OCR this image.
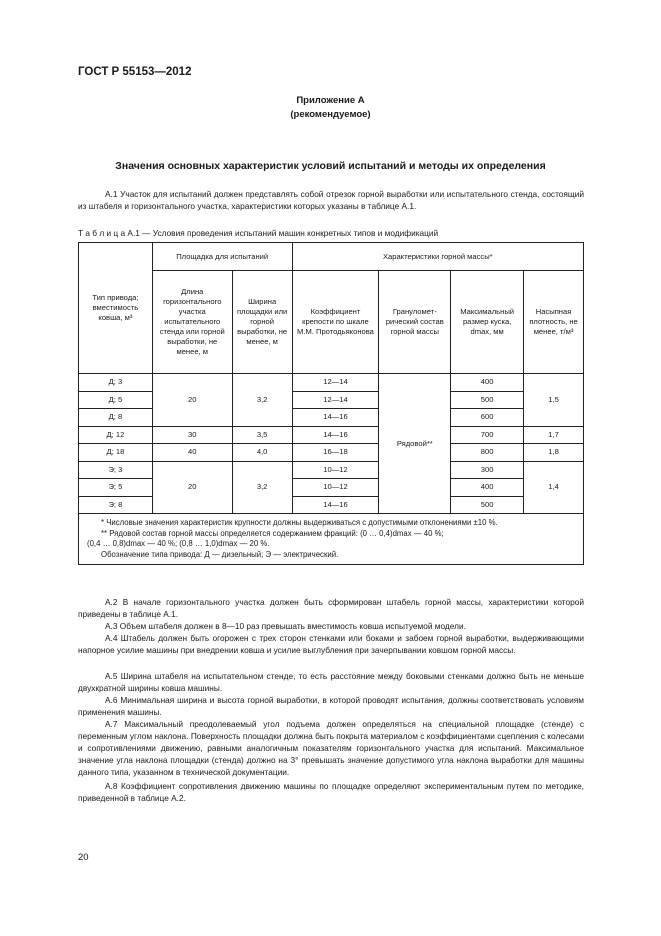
ГОСТ Р 55153—2012
Приложение А
(рекомендуемое)
Значения основных характеристик условий испытаний и методы их определения
А.1 Участок для испытаний должен представлять собой отрезок горной выработки или испытательного стенда, состоящий из штабеля и горизонтального участка, характеристики которых указаны в таблице А.1.
Т а б л и ц а А.1 — Условия проведения испытаний машин конкретных типов и модификаций
Тип привода; вместимость ковша, м³	Площадка для испытаний		Характеристики горной массы*			
	Длина горизонтального участка испытательного стенда или горной выработки, не менее, м	Ширина площадки или горной выработки, не менее, м	Коэффициент крепости по шкале М.М. Протодьяконова	Грануломет-рический состав горной массы	Максимальный размер куска, dmax, мм	Насыпная плотность, не менее, т/м³
Д; 3	20	3,2	12—14	Рядовой**	400	1,5
Д; 5			12—14		500	
Д; 8			14—16		600	
Д; 12	30	3,5	14—16		700	1,7
Д; 18	40	4,0	16—18		800	1,8
Э; 3	20	3,2	10—12		300	1,4
Э; 5			10—12		400	
Э; 8			14—16		500	

* Числовые значения характеристик крупности должны выдерживаться с допустимыми отклонениями ±10 %.
** Рядовой состав горной массы определяется содержанием фракций: (0 … 0,4)dmax — 40 %;
(0,4 … 0,8)dmax — 40 %; (0,8 … 1,0)dmax — 20 %.
Обозначение типа привода: Д — дизельный; Э — электрический.						
А.2 В начале горизонтального участка должен быть сформирован штабель горной массы, характеристики которой приведены в таблице А.1.
А.3 Объем штабеля должен в 8—10 раз превышать вместимость ковша испытуемой модели.
А.4 Штабель должен быть огорожен с трех сторон стенками или боками и забоем горной выработки, выдерживающими напорное усилие машины при внедрении ковша и усилие выглубления при зачерпывании ковшом горной массы.
А.5 Ширина штабеля на испытательном стенде, то есть расстояние между боковыми стенками должно быть не меньше двухкратной ширины ковша машины.
А.6 Минимальная ширина и высота горной выработки, в которой проводят испытания, должны соответствовать условиям применения машины.
А.7 Максимальный преодолеваемый угол подъема должен определяться на специальной площадке (стенде) с переменным углом наклона. Поверхность площадки должна быть покрыта материалом с коэффициентами сцепления с колесами и сопротивлениями движению, равными аналогичным показателям горизонтального участка для испытаний. Максимальное значение угла наклона площадки (стенда) должно на 3° превышать значение допустимого угла наклона выработки для машины данного типа, указанном в технической документации.
А.8 Коэффициент сопротивления движению машины по площадке определяют экспериментальным путем по методике, приведенной в таблице А.2.
20
